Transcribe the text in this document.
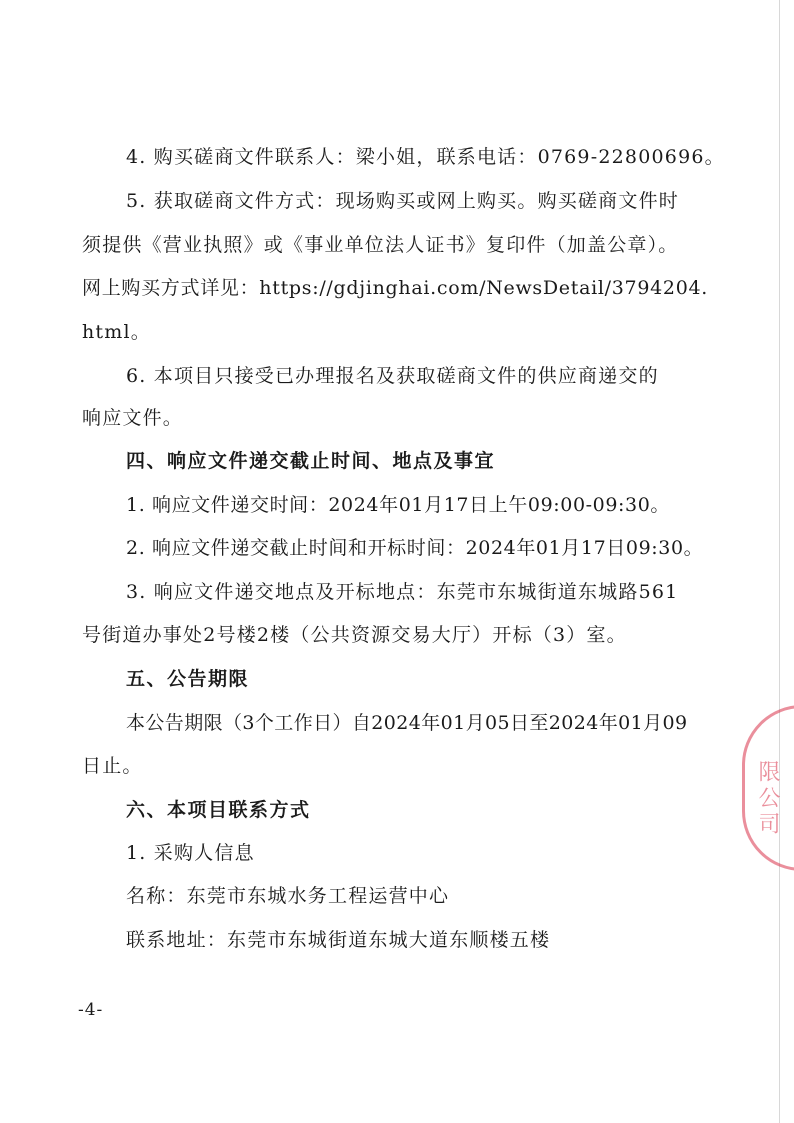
4. 购买磋商文件联系人：梁小姐，联系电话：0769-22800696。
5. 获取磋商文件方式：现场购买或网上购买。购买磋商文件时
须提供《营业执照》或《事业单位法人证书》复印件（加盖公章）。
网上购买方式详见：https://gdjinghai.com/NewsDetail/3794204.
html。
6. 本项目只接受已办理报名及获取磋商文件的供应商递交的
响应文件。
四、响应文件递交截止时间、地点及事宜
1. 响应文件递交时间：2024年01月17日上午09:00-09:30。
2. 响应文件递交截止时间和开标时间：2024年01月17日09:30。
3. 响应文件递交地点及开标地点：东莞市东城街道东城路561
号街道办事处2号楼2楼（公共资源交易大厅）开标（3）室。
五、公告期限
本公告期限（3个工作日）自2024年01月05日至2024年01月09
日止。
六、本项目联系方式
1. 采购人信息
名称：东莞市东城水务工程运营中心
联系地址：东莞市东城街道东城大道东顺楼五楼
-4-
限公司
